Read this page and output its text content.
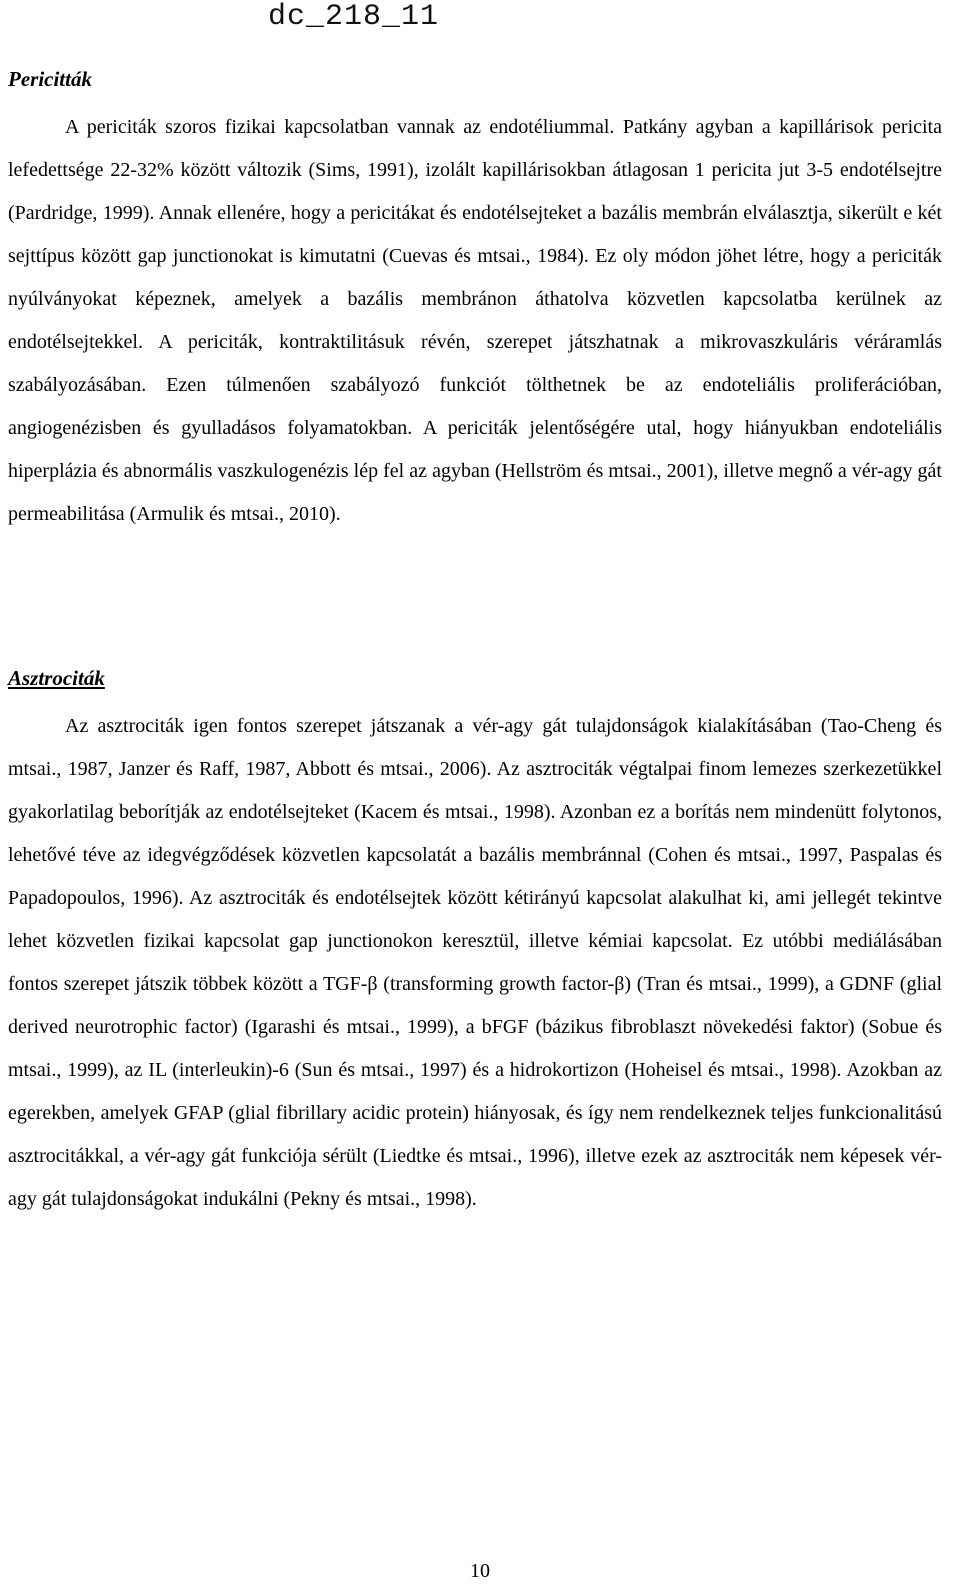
dc_218_11
Pericitták

A periciták szoros fizikai kapcsolatban vannak az endotéliummal. Patkány agyban a kapillárisok pericita lefedettsége 22-32% között változik (Sims, 1991), izolált kapillárisokban átlagosan 1 pericita jut 3-5 endotélsejtre (Pardridge, 1999). Annak ellenére, hogy a pericitákat és endotélsejteket a bazális membrán elválasztja, sikerült e két sejttípus között gap junctionokat is kimutatni (Cuevas és mtsai., 1984). Ez oly módon jöhet létre, hogy a periciták nyúlványokat képeznek, amelyek a bazális membránon áthatolva közvetlen kapcsolatba kerülnek az endotélsejtekkel. A periciták, kontraktilitásuk révén, szerepet játszhatnak a mikrovaszkuláris véráramlás szabályozásában. Ezen túlmenően szabályozó funkciót tölthetnek be az endoteliális proliferációban, angiogenézisben és gyulladásos folyamatokban. A periciták jelentőségére utal, hogy hiányukban endoteliális hiperplázia és abnormális vaszkulogenézis lép fel az agyban (Hellström és mtsai., 2001), illetve megnő a vér-agy gát permeabilitása (Armulik és mtsai., 2010).

Asztrociták

Az asztrociták igen fontos szerepet játszanak a vér-agy gát tulajdonságok kialakításában (Tao-Cheng és mtsai., 1987, Janzer és Raff, 1987, Abbott és mtsai., 2006). Az asztrociták végtalpai finom lemezes szerkezetükkel gyakorlatilag beborítják az endotélsejteket (Kacem és mtsai., 1998). Azonban ez a borítás nem mindenütt folytonos, lehetővé téve az idegvégződések közvetlen kapcsolatát a bazális membránnal (Cohen és mtsai., 1997, Paspalas és Papadopoulos, 1996). Az asztrociták és endotélsejtek között kétirányú kapcsolat alakulhat ki, ami jellegét tekintve lehet közvetlen fizikai kapcsolat gap junctionokon keresztül, illetve kémiai kapcsolat. Ez utóbbi mediálásában fontos szerepet játszik többek között a TGF-β (transforming growth factor-β) (Tran és mtsai., 1999), a GDNF (glial derived neurotrophic factor) (Igarashi és mtsai., 1999), a bFGF (bázikus fibroblaszt növekedési faktor) (Sobue és mtsai., 1999), az IL (interleukin)-6 (Sun és mtsai., 1997) és a hidrokortizon (Hoheisel és mtsai., 1998). Azokban az egerekben, amelyek GFAP (glial fibrillary acidic protein) hiányosak, és így nem rendelkeznek teljes funkcionalitású asztrocitákkal, a vér-agy gát funkciója sérült (Liedtke és mtsai., 1996), illetve ezek az asztrociták nem képesek vér-agy gát tulajdonságokat indukálni (Pekny és mtsai., 1998).

10
